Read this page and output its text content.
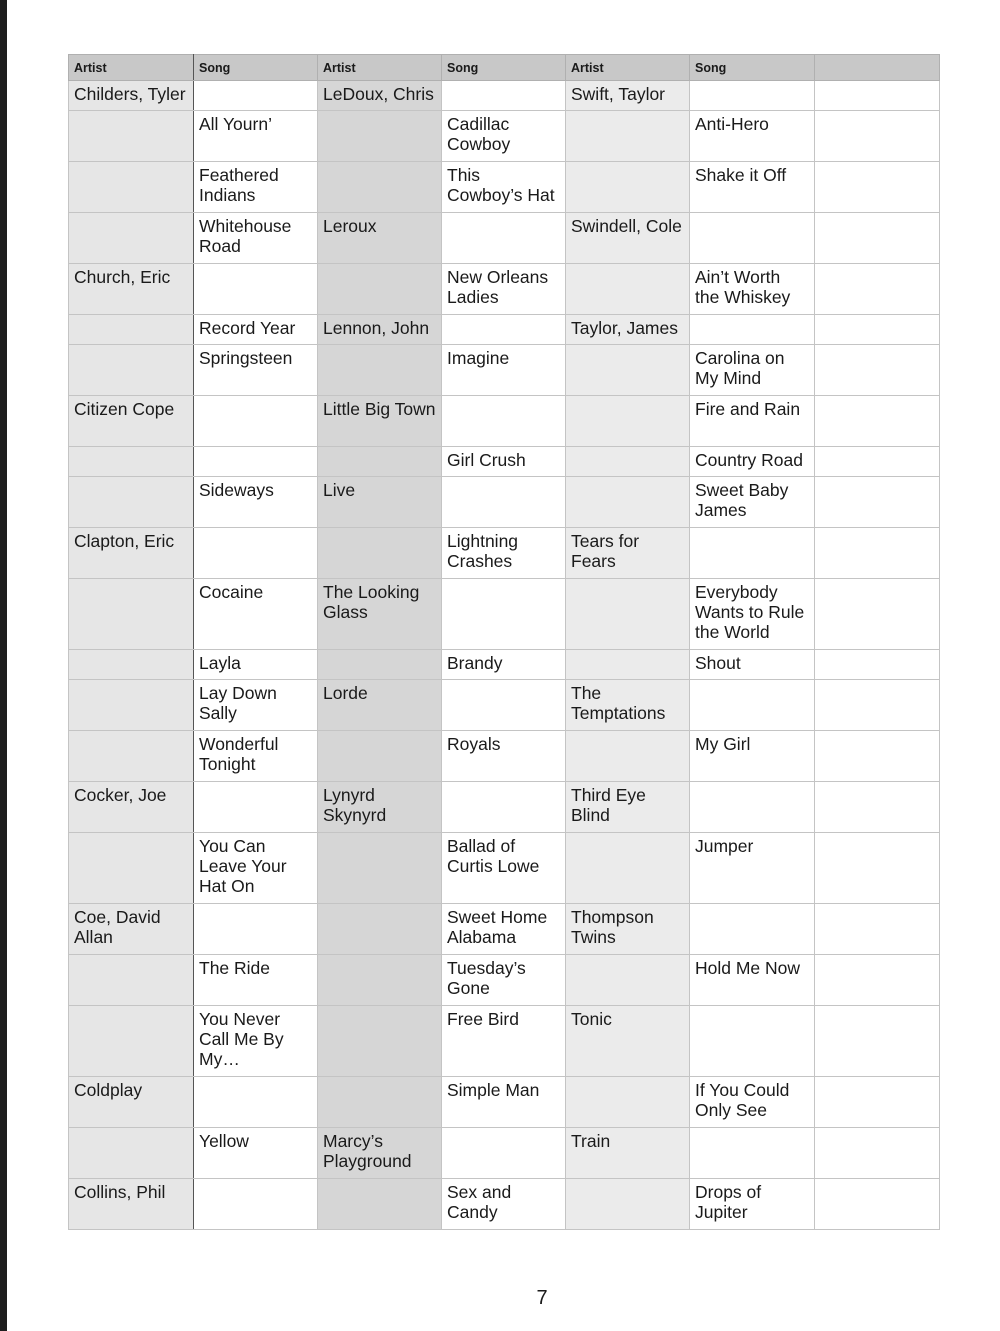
Artist	Song	Artist	Song	Artist	Song	
Childers, Tyler		LeDoux, Chris		Swift, Taylor		
	All Yourn’		Cadillac Cowboy		Anti-Hero	
	Feathered Indians		This Cowboy’s Hat		Shake it Off	
	Whitehouse Road	Leroux		Swindell, Cole		
Church, Eric			New Orleans Ladies		Ain’t Worth the Whiskey	
	Record Year	Lennon, John		Taylor, James		
	Springsteen		Imagine		Carolina on My Mind	
Citizen Cope		Little Big Town			Fire and Rain	
			Girl Crush		Country Road	
	Sideways	Live			Sweet Baby James	
Clapton, Eric			Lightning Crashes	Tears for Fears		
	Cocaine	The Looking Glass			Everybody Wants to Rule the World	
	Layla		Brandy		Shout	
	Lay Down Sally	Lorde		The Temptations		
	Wonderful Tonight		Royals		My Girl	
Cocker, Joe		Lynyrd Skynyrd		Third Eye Blind		
	You Can Leave Your Hat On		Ballad of Curtis Lowe		Jumper	
Coe, David Allan			Sweet Home Alabama	Thompson Twins		
	The Ride		Tuesday’s Gone		Hold Me Now	
	You Never Call Me By My…		Free Bird	Tonic		
Coldplay			Simple Man		If You Could Only See	
	Yellow	Marcy’s Playground		Train		
Collins, Phil			Sex and Candy		Drops of Jupiter	
7
